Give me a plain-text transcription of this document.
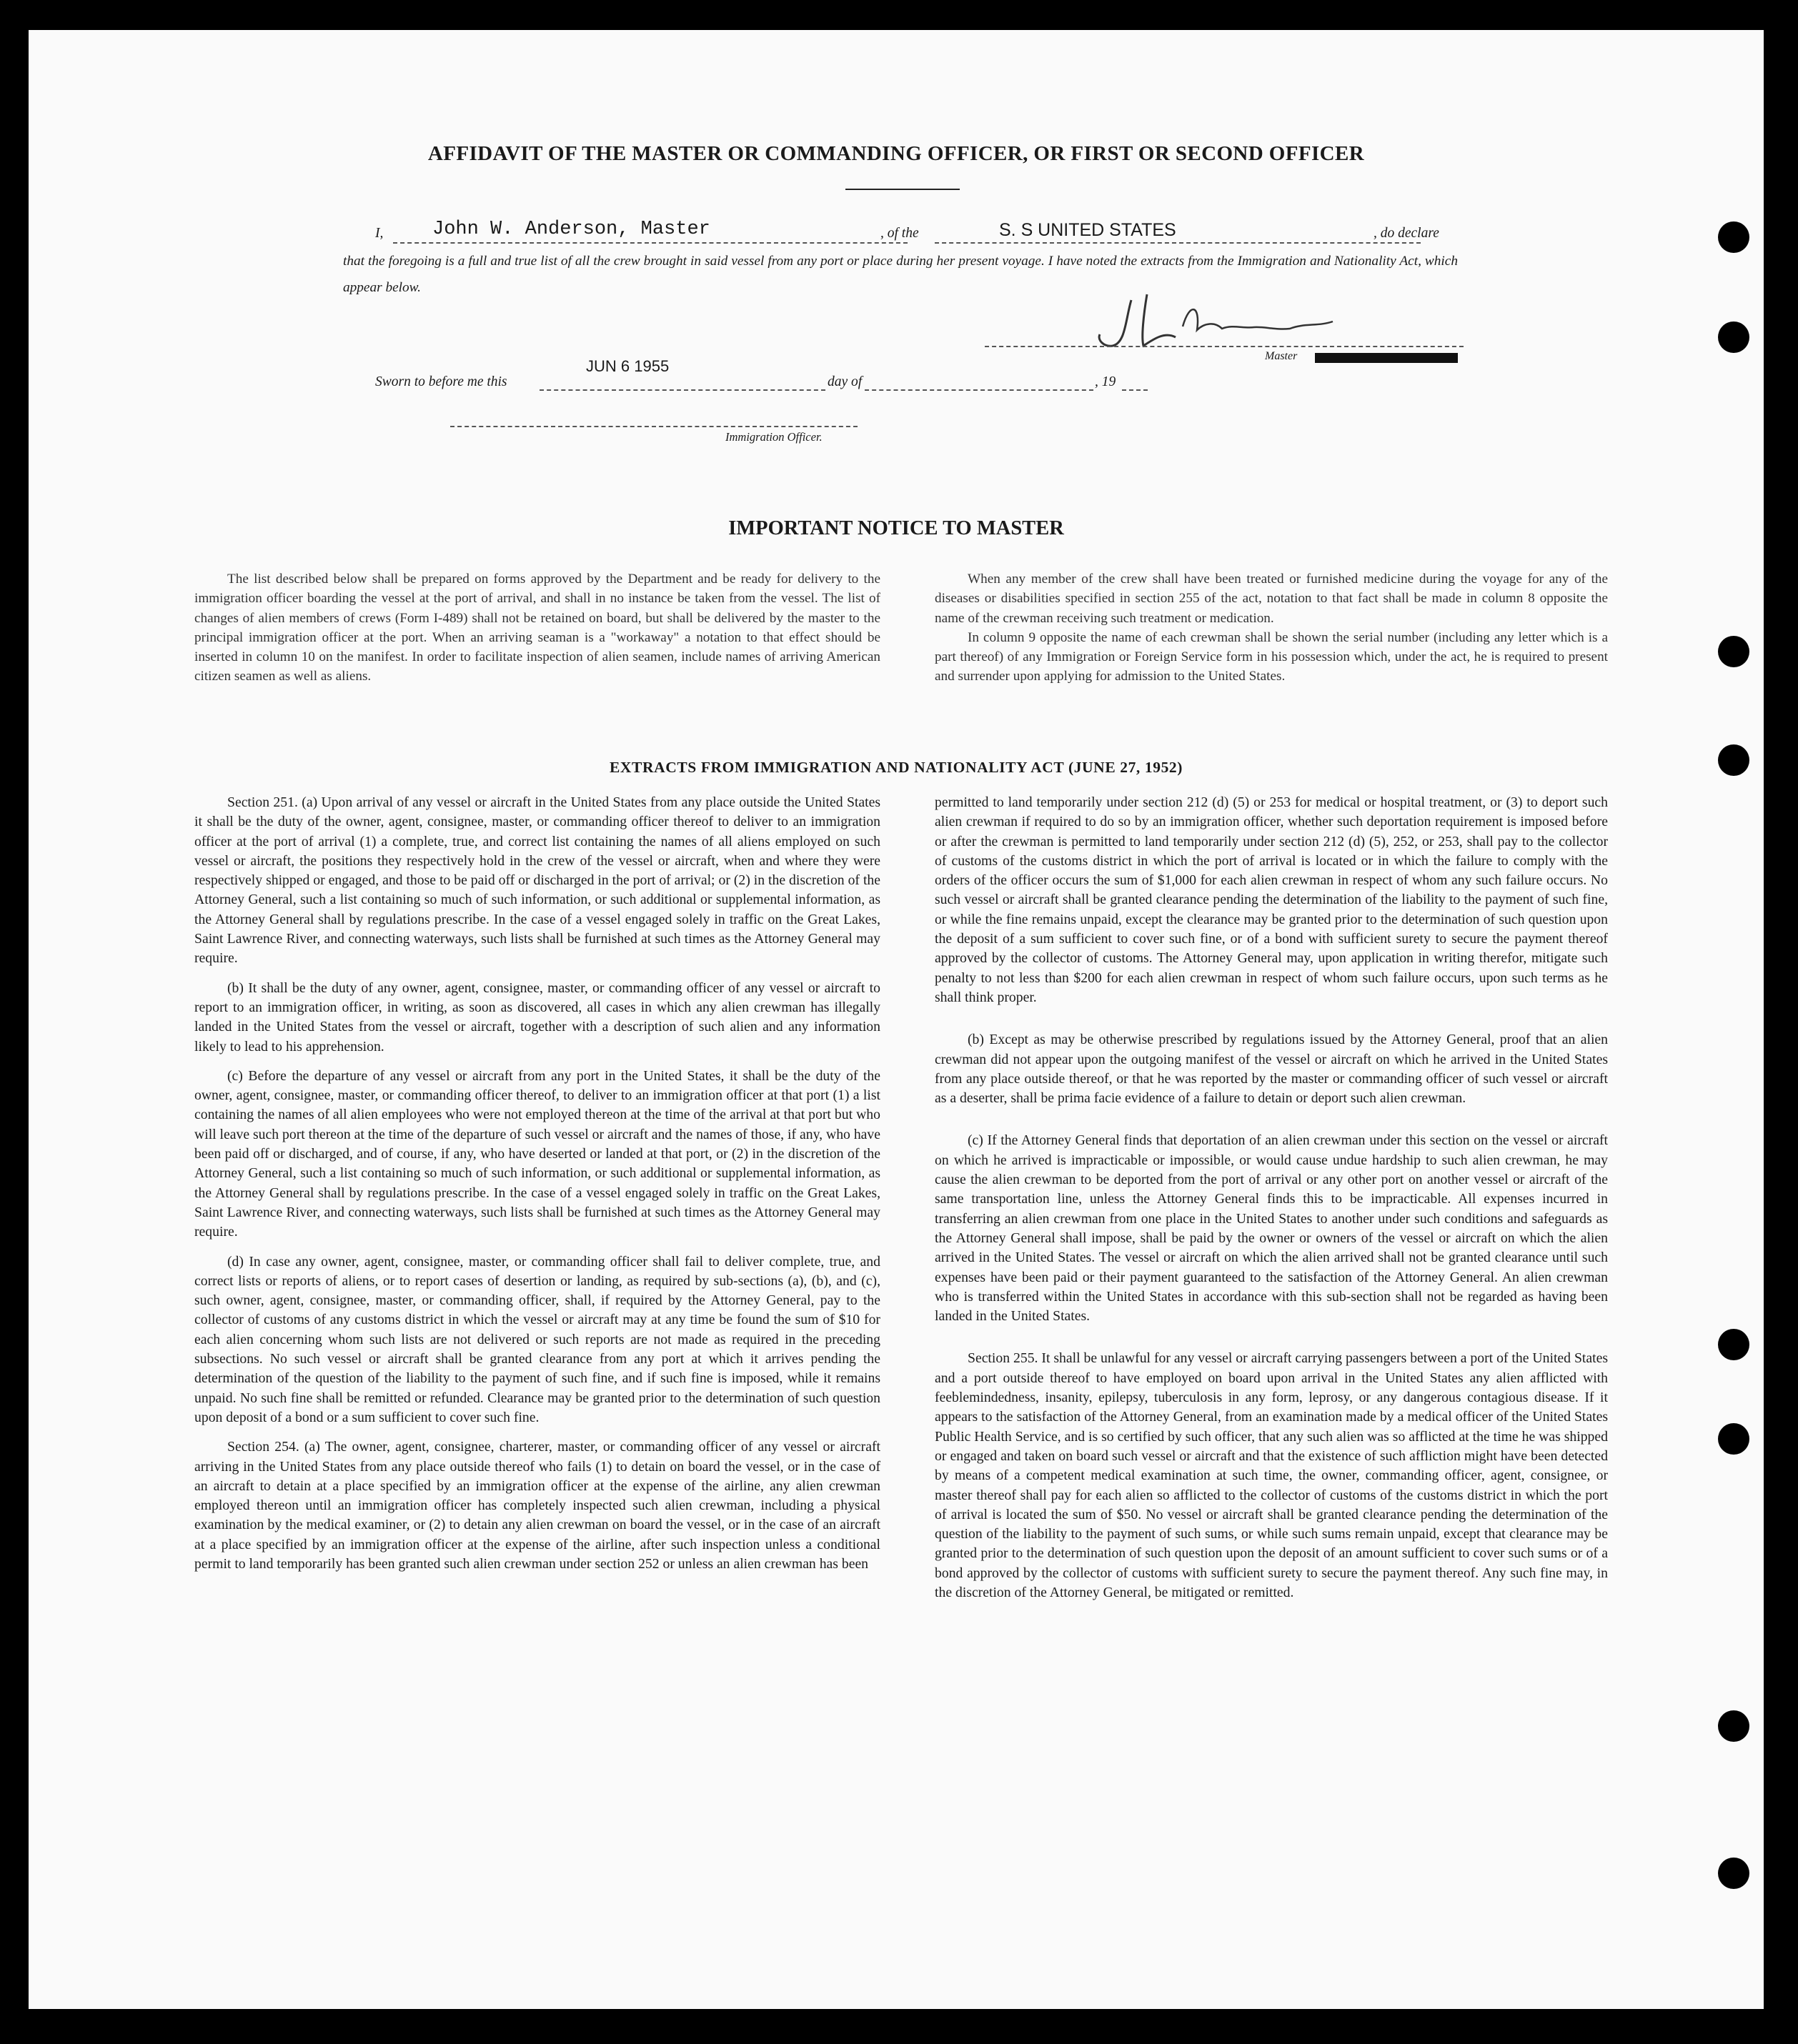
AFFIDAVIT OF THE MASTER OR COMMANDING OFFICER, OR FIRST OR SECOND OFFICER
I,	John W. Anderson, Master	, of the	S. S UNITED STATES	, do declare
that the foregoing is a full and true list of all the crew brought in said vessel from any port or place during her present voyage. I have noted the extracts from the Immigration and Nationality Act, which appear below.
Master
Sworn to before me this
JUN 6 1955
day of	, 19
Immigration Officer.
IMPORTANT NOTICE TO MASTER

The list described below shall be prepared on forms approved by the Department and be ready for delivery to the immigration officer boarding the vessel at the port of arrival, and shall in no instance be taken from the vessel. The list of changes of alien members of crews (Form I-489) shall not be retained on board, but shall be delivered by the master to the principal immigration officer at the port. When an arriving seaman is a "workaway" a notation to that effect should be inserted in column 10 on the manifest. In order to facilitate inspection of alien seamen, include names of arriving American citizen seamen as well as aliens.

When any member of the crew shall have been treated or furnished medicine during the voyage for any of the diseases or disabilities specified in section 255 of the act, notation to that fact shall be made in column 8 opposite the name of the crewman receiving such treatment or medication.

In column 9 opposite the name of each crewman shall be shown the serial number (including any letter which is a part thereof) of any Immigration or Foreign Service form in his possession which, under the act, he is required to present and surrender upon applying for admission to the United States.

EXTRACTS FROM IMMIGRATION AND NATIONALITY ACT (JUNE 27, 1952)

Section 251. (a) Upon arrival of any vessel or aircraft in the United States from any place outside the United States it shall be the duty of the owner, agent, consignee, master, or commanding officer thereof to deliver to an immigration officer at the port of arrival (1) a complete, true, and correct list containing the names of all aliens employed on such vessel or aircraft, the positions they respectively hold in the crew of the vessel or aircraft, when and where they were respectively shipped or engaged, and those to be paid off or discharged in the port of arrival; or (2) in the discretion of the Attorney General, such a list containing so much of such information, or such additional or supplemental information, as the Attorney General shall by regulations prescribe. In the case of a vessel engaged solely in traffic on the Great Lakes, Saint Lawrence River, and connecting waterways, such lists shall be furnished at such times as the Attorney General may require.

(b) It shall be the duty of any owner, agent, consignee, master, or commanding officer of any vessel or aircraft to report to an immigration officer, in writing, as soon as discovered, all cases in which any alien crewman has illegally landed in the United States from the vessel or aircraft, together with a description of such alien and any information likely to lead to his apprehension.

(c) Before the departure of any vessel or aircraft from any port in the United States, it shall be the duty of the owner, agent, consignee, master, or commanding officer thereof, to deliver to an immigration officer at that port (1) a list containing the names of all alien employees who were not employed thereon at the time of the arrival at that port but who will leave such port thereon at the time of the departure of such vessel or aircraft and the names of those, if any, who have been paid off or discharged, and of course, if any, who have deserted or landed at that port, or (2) in the discretion of the Attorney General, such a list containing so much of such information, or such additional or supplemental information, as the Attorney General shall by regulations prescribe. In the case of a vessel engaged solely in traffic on the Great Lakes, Saint Lawrence River, and connecting waterways, such lists shall be furnished at such times as the Attorney General may require.

(d) In case any owner, agent, consignee, master, or commanding officer shall fail to deliver complete, true, and correct lists or reports of aliens, or to report cases of desertion or landing, as required by sub-sections (a), (b), and (c), such owner, agent, consignee, master, or commanding officer, shall, if required by the Attorney General, pay to the collector of customs of any customs district in which the vessel or aircraft may at any time be found the sum of $10 for each alien concerning whom such lists are not delivered or such reports are not made as required in the preceding subsections. No such vessel or aircraft shall be granted clearance from any port at which it arrives pending the determination of the question of the liability to the payment of such fine, and if such fine is imposed, while it remains unpaid. No such fine shall be remitted or refunded. Clearance may be granted prior to the determination of such question upon deposit of a bond or a sum sufficient to cover such fine.

Section 254. (a) The owner, agent, consignee, charterer, master, or commanding officer of any vessel or aircraft arriving in the United States from any place outside thereof who fails (1) to detain on board the vessel, or in the case of an aircraft to detain at a place specified by an immigration officer at the expense of the airline, any alien crewman employed thereon until an immigration officer has completely inspected such alien crewman, including a physical examination by the medical examiner, or (2) to detain any alien crewman on board the vessel, or in the case of an aircraft at a place specified by an immigration officer at the expense of the airline, after such inspection unless a conditional permit to land temporarily has been granted such alien crewman under section 252 or unless an alien crewman has been

permitted to land temporarily under section 212 (d) (5) or 253 for medical or hospital treatment, or (3) to deport such alien crewman if required to do so by an immigration officer, whether such deportation requirement is imposed before or after the crewman is permitted to land temporarily under section 212 (d) (5), 252, or 253, shall pay to the collector of customs of the customs district in which the port of arrival is located or in which the failure to comply with the orders of the officer occurs the sum of $1,000 for each alien crewman in respect of whom any such failure occurs. No such vessel or aircraft shall be granted clearance pending the determination of the liability to the payment of such fine, or while the fine remains unpaid, except the clearance may be granted prior to the determination of such question upon the deposit of a sum sufficient to cover such fine, or of a bond with sufficient surety to secure the payment thereof approved by the collector of customs. The Attorney General may, upon application in writing therefor, mitigate such penalty to not less than $200 for each alien crewman in respect of whom such failure occurs, upon such terms as he shall think proper.

(b) Except as may be otherwise prescribed by regulations issued by the Attorney General, proof that an alien crewman did not appear upon the outgoing manifest of the vessel or aircraft on which he arrived in the United States from any place outside thereof, or that he was reported by the master or commanding officer of such vessel or aircraft as a deserter, shall be prima facie evidence of a failure to detain or deport such alien crewman.

(c) If the Attorney General finds that deportation of an alien crewman under this section on the vessel or aircraft on which he arrived is impracticable or impossible, or would cause undue hardship to such alien crewman, he may cause the alien crewman to be deported from the port of arrival or any other port on another vessel or aircraft of the same transportation line, unless the Attorney General finds this to be impracticable. All expenses incurred in transferring an alien crewman from one place in the United States to another under such conditions and safeguards as the Attorney General shall impose, shall be paid by the owner or owners of the vessel or aircraft on which the alien arrived in the United States. The vessel or aircraft on which the alien arrived shall not be granted clearance until such expenses have been paid or their payment guaranteed to the satisfaction of the Attorney General. An alien crewman who is transferred within the United States in accordance with this sub-section shall not be regarded as having been landed in the United States.

Section 255. It shall be unlawful for any vessel or aircraft carrying passengers between a port of the United States and a port outside thereof to have employed on board upon arrival in the United States any alien afflicted with feeblemindedness, insanity, epilepsy, tuberculosis in any form, leprosy, or any dangerous contagious disease. If it appears to the satisfaction of the Attorney General, from an examination made by a medical officer of the United States Public Health Service, and is so certified by such officer, that any such alien was so afflicted at the time he was shipped or engaged and taken on board such vessel or aircraft and that the existence of such affliction might have been detected by means of a competent medical examination at such time, the owner, commanding officer, agent, consignee, or master thereof shall pay for each alien so afflicted to the collector of customs of the customs district in which the port of arrival is located the sum of $50. No vessel or aircraft shall be granted clearance pending the determination of the question of the liability to the payment of such sums, or while such sums remain unpaid, except that clearance may be granted prior to the determination of such question upon the deposit of an amount sufficient to cover such sums or of a bond approved by the collector of customs with sufficient surety to secure the payment thereof. Any such fine may, in the discretion of the Attorney General, be mitigated or remitted.
